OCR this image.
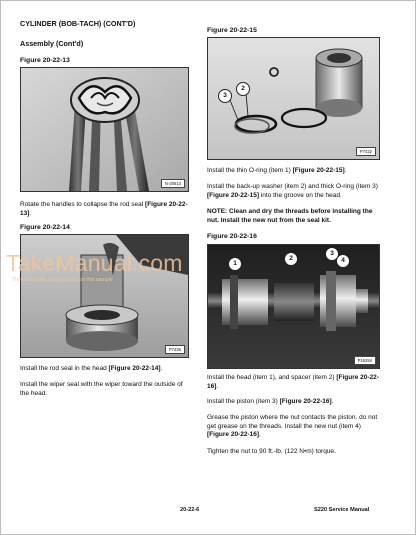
CYLINDER (BOB-TACH) (CONT'D)
Assembly (Cont'd)
Figure 20-22-13
N-20613
Rotate the handles to collapse the rod seal [Figure 20-22-13].
Figure 20-22-14
P7426
Install the rod seal in the head [Figure 20-22-14].
Install the wiper seal with the wiper toward the outside of the head.
Figure 20-22-15
2
3
P7422
Install the thin O-ring (item 1) [Figure 20-22-15].
Install the back-up washer (item 2) and thick O-ring (item 3) [Figure 20-22-15] into the groove on the head.
NOTE: Clean and dry the threads before installing the nut. Install the new nut from the seal kit.
Figure 20-22-16
1
2
3
4
P16284
Install the head (item 1), and spacer (item 2) [Figure 20-22-16].
Install the piston (item 3) [Figure 20-22-16].
Grease the piston where the nut contacts the piston. do not get grease on the threads. Install the new nut (item 4) [Figure 20-22-16].
Tighten the nut to 90 ft.-lb. (122 N•m) torque.
TakeManual.com
The watermark only appears on this sample
20-22-6	S220 Service Manual
